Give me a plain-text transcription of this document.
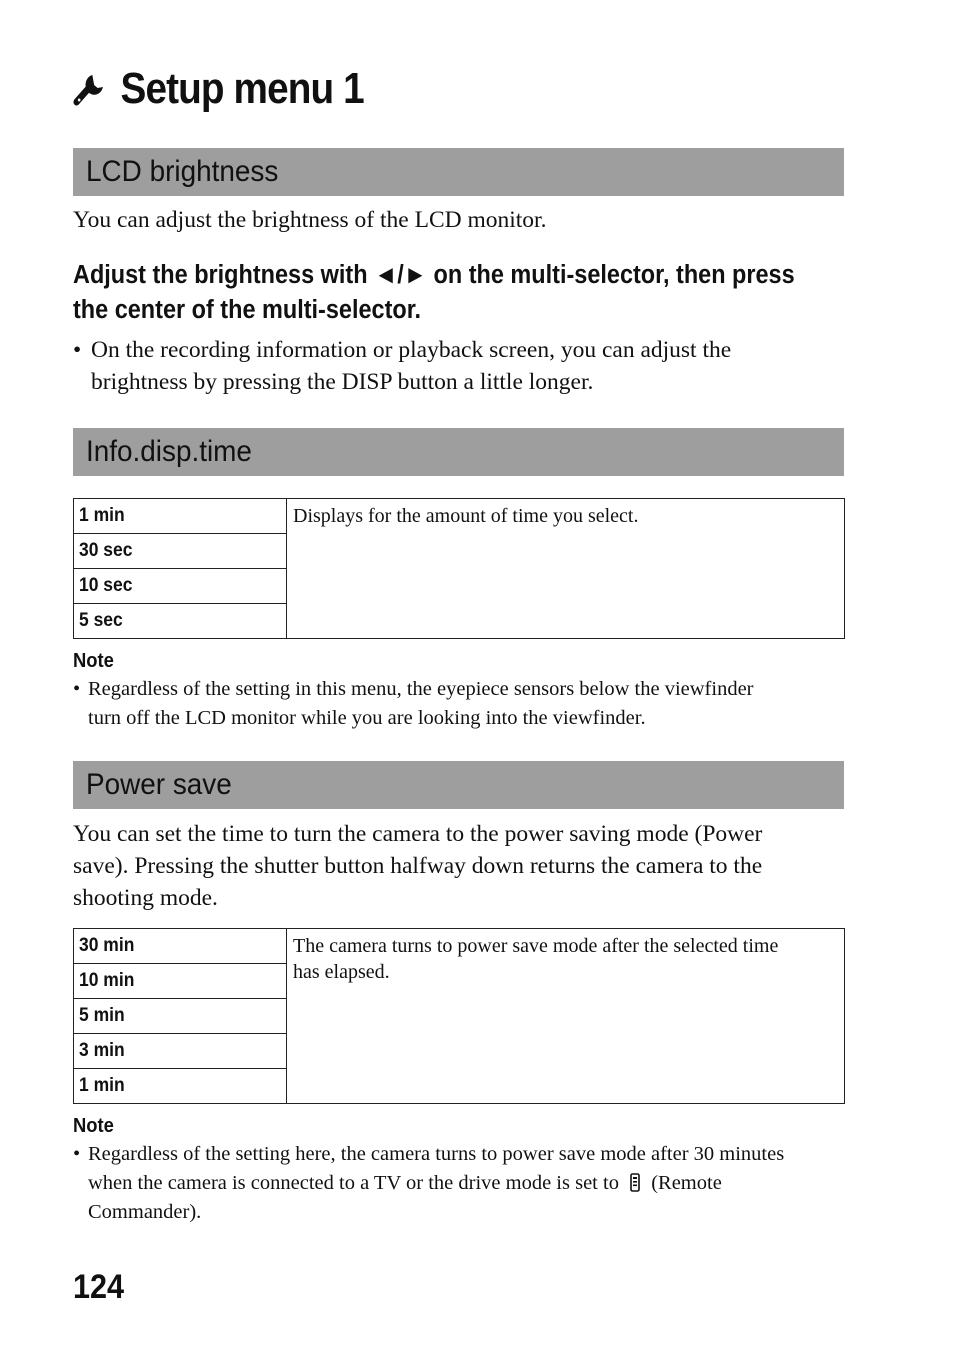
Setup menu 1
LCD brightness
You can adjust the brightness of the LCD monitor.
Adjust the brightness with ◄/► on the multi-selector, then press
the center of the multi-selector.
• On the recording information or playback screen, you can adjust the
brightness by pressing the DISP button a little longer.
Info.disp.time
1 min	Displays for the amount of time you select.
30 sec
10 sec
5 sec
Note
• Regardless of the setting in this menu, the eyepiece sensors below the viewfinder
turn off the LCD monitor while you are looking into the viewfinder.
Power save
You can set the time to turn the camera to the power saving mode (Power
save). Pressing the shutter button halfway down returns the camera to the
shooting mode.
30 min	The camera turns to power save mode after the selected time
has elapsed.

10 min
5 min
3 min
1 min
Note
• Regardless of the setting here, the camera turns to power save mode after 30 minutes
when the camera is connected to a TV or the drive mode is set to (Remote
Commander).
124
